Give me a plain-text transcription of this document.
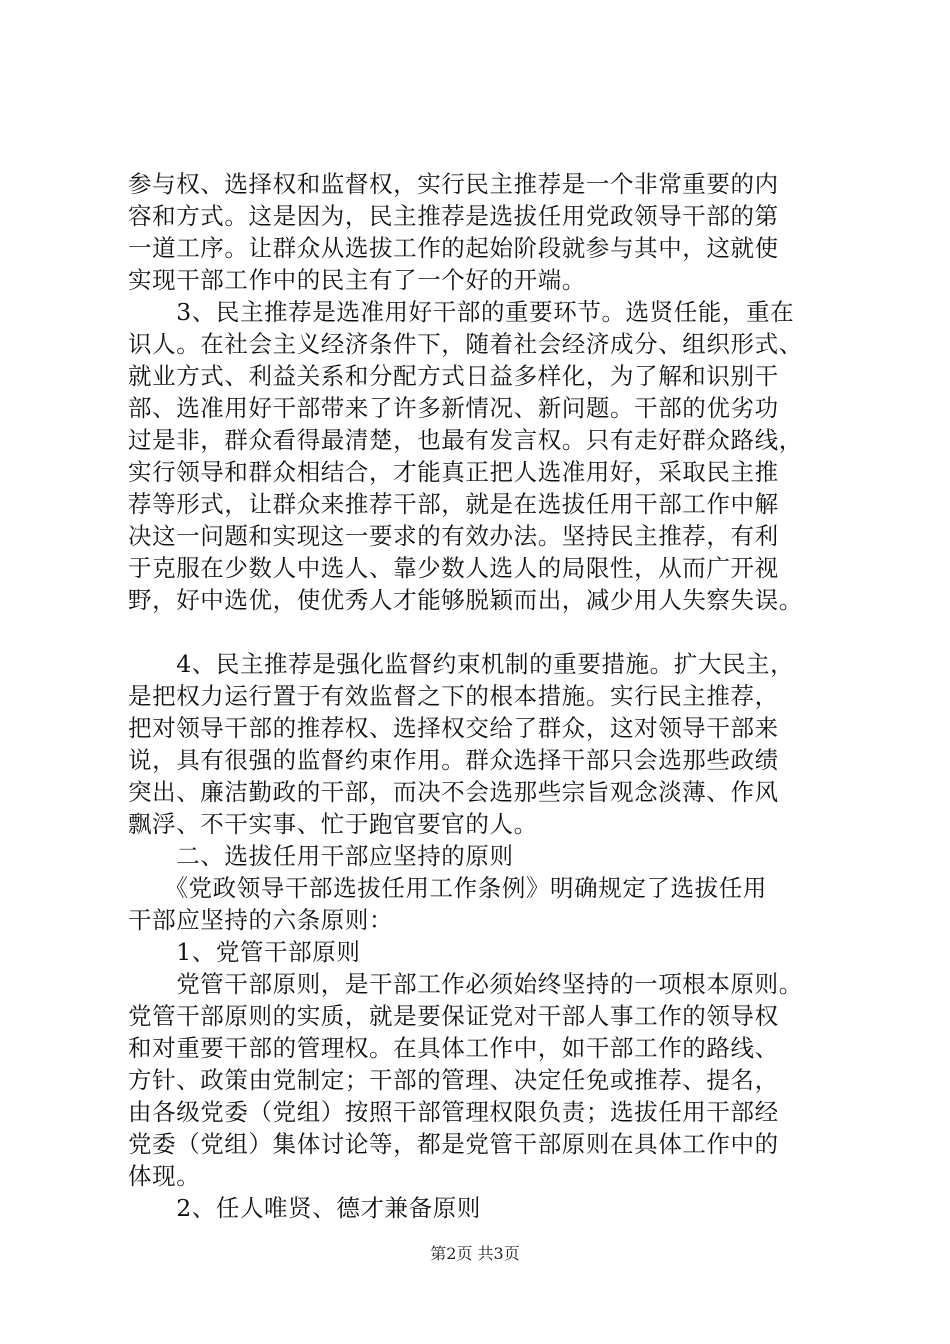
参与权、选择权和监督权，实行民主推荐是一个非常重要的内
容和方式。这是因为，民主推荐是选拔任用党政领导干部的第
一道工序。让群众从选拔工作的起始阶段就参与其中，这就使
实现干部工作中的民主有了一个好的开端。
　　3、民主推荐是选准用好干部的重要环节。选贤任能，重在
识人。在社会主义经济条件下，随着社会经济成分、组织形式、
就业方式、利益关系和分配方式日益多样化，为了解和识别干
部、选准用好干部带来了许多新情况、新问题。干部的优劣功
过是非，群众看得最清楚，也最有发言权。只有走好群众路线，
实行领导和群众相结合，才能真正把人选准用好，采取民主推
荐等形式，让群众来推荐干部，就是在选拔任用干部工作中解
决这一问题和实现这一要求的有效办法。坚持民主推荐，有利
于克服在少数人中选人、靠少数人选人的局限性，从而广开视
野，好中选优，使优秀人才能够脱颖而出，减少用人失察失误。
　　4、民主推荐是强化监督约束机制的重要措施。扩大民主，
是把权力运行置于有效监督之下的根本措施。实行民主推荐，
把对领导干部的推荐权、选择权交给了群众，这对领导干部来
说，具有很强的监督约束作用。群众选择干部只会选那些政绩
突出、廉洁勤政的干部，而决不会选那些宗旨观念淡薄、作风
飘浮、不干实事、忙于跑官要官的人。
　　二、选拔任用干部应坚持的原则
　　《党政领导干部选拔任用工作条例》明确规定了选拔任用
干部应坚持的六条原则：
　　1、党管干部原则
　　党管干部原则，是干部工作必须始终坚持的一项根本原则。
党管干部原则的实质，就是要保证党对干部人事工作的领导权
和对重要干部的管理权。在具体工作中，如干部工作的路线、
方针、政策由党制定；干部的管理、决定任免或推荐、提名，
由各级党委（党组）按照干部管理权限负责；选拔任用干部经
党委（党组）集体讨论等，都是党管干部原则在具体工作中的
体现。
　　2、任人唯贤、德才兼备原则
第2页 共3页
